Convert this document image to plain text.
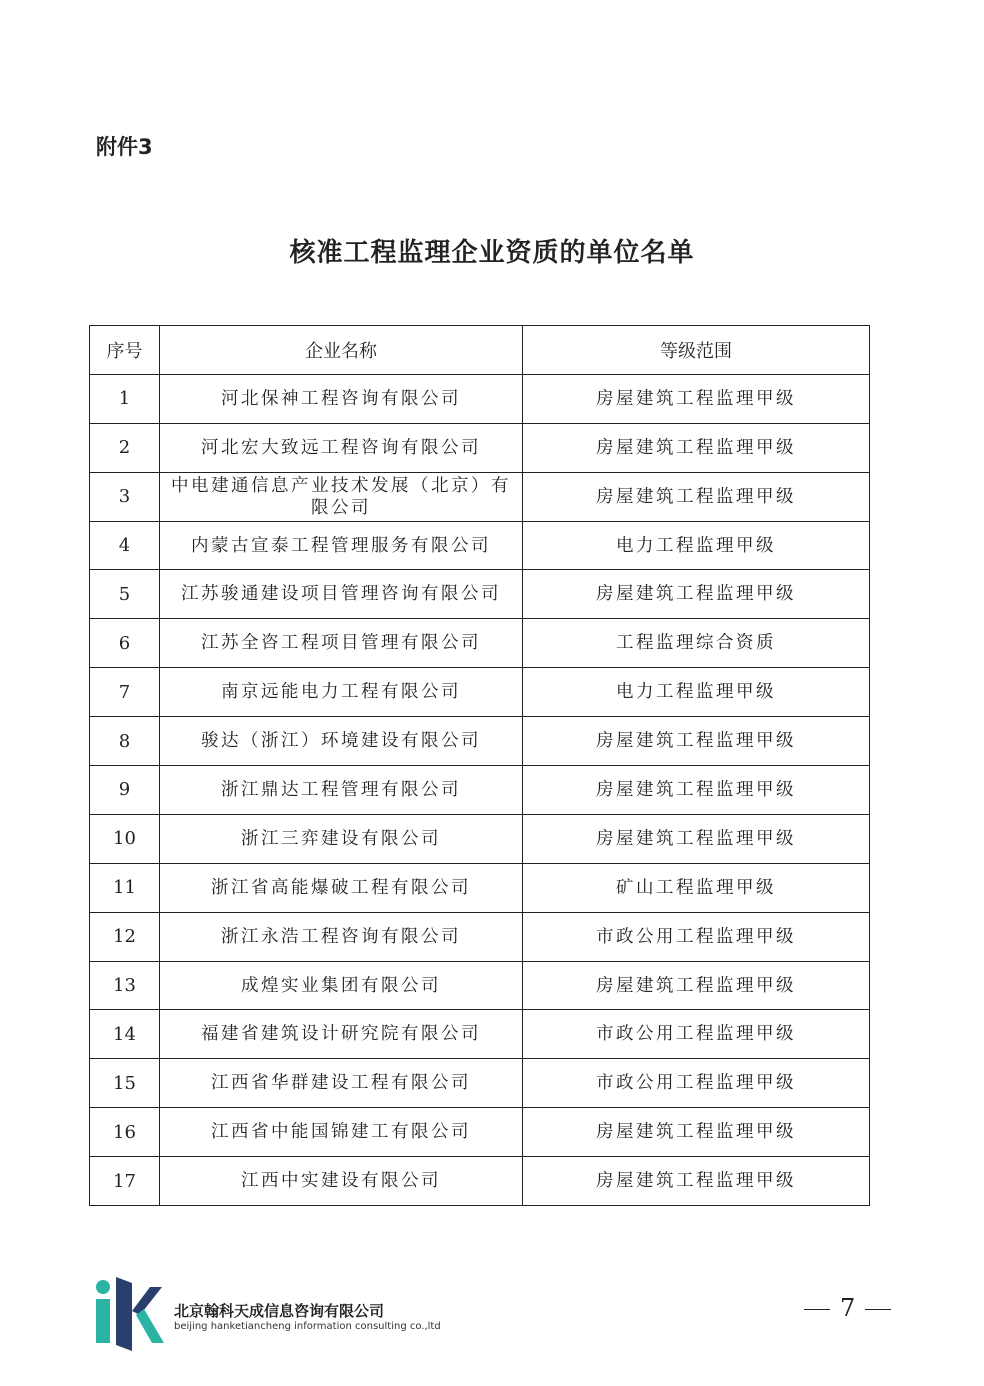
附件3
核准工程监理企业资质的单位名单
序号	企业名称	等级范围
1	河北保神工程咨询有限公司	房屋建筑工程监理甲级
2	河北宏大致远工程咨询有限公司	房屋建筑工程监理甲级
3	中电建通信息产业技术发展（北京）有限公司	房屋建筑工程监理甲级
4	内蒙古宣泰工程管理服务有限公司	电力工程监理甲级
5	江苏骏通建设项目管理咨询有限公司	房屋建筑工程监理甲级
6	江苏全咨工程项目管理有限公司	工程监理综合资质
7	南京远能电力工程有限公司	电力工程监理甲级
8	骏达（浙江）环境建设有限公司	房屋建筑工程监理甲级
9	浙江鼎达工程管理有限公司	房屋建筑工程监理甲级
10	浙江三弈建设有限公司	房屋建筑工程监理甲级
11	浙江省高能爆破工程有限公司	矿山工程监理甲级
12	浙江永浩工程咨询有限公司	市政公用工程监理甲级
13	成煌实业集团有限公司	房屋建筑工程监理甲级
14	福建省建筑设计研究院有限公司	市政公用工程监理甲级
15	江西省华群建设工程有限公司	市政公用工程监理甲级
16	江西省中能国锦建工有限公司	房屋建筑工程监理甲级
17	江西中实建设有限公司	房屋建筑工程监理甲级
北京翰科天成信息咨询有限公司
beijing hanketiancheng information consulting co.,ltd
7
